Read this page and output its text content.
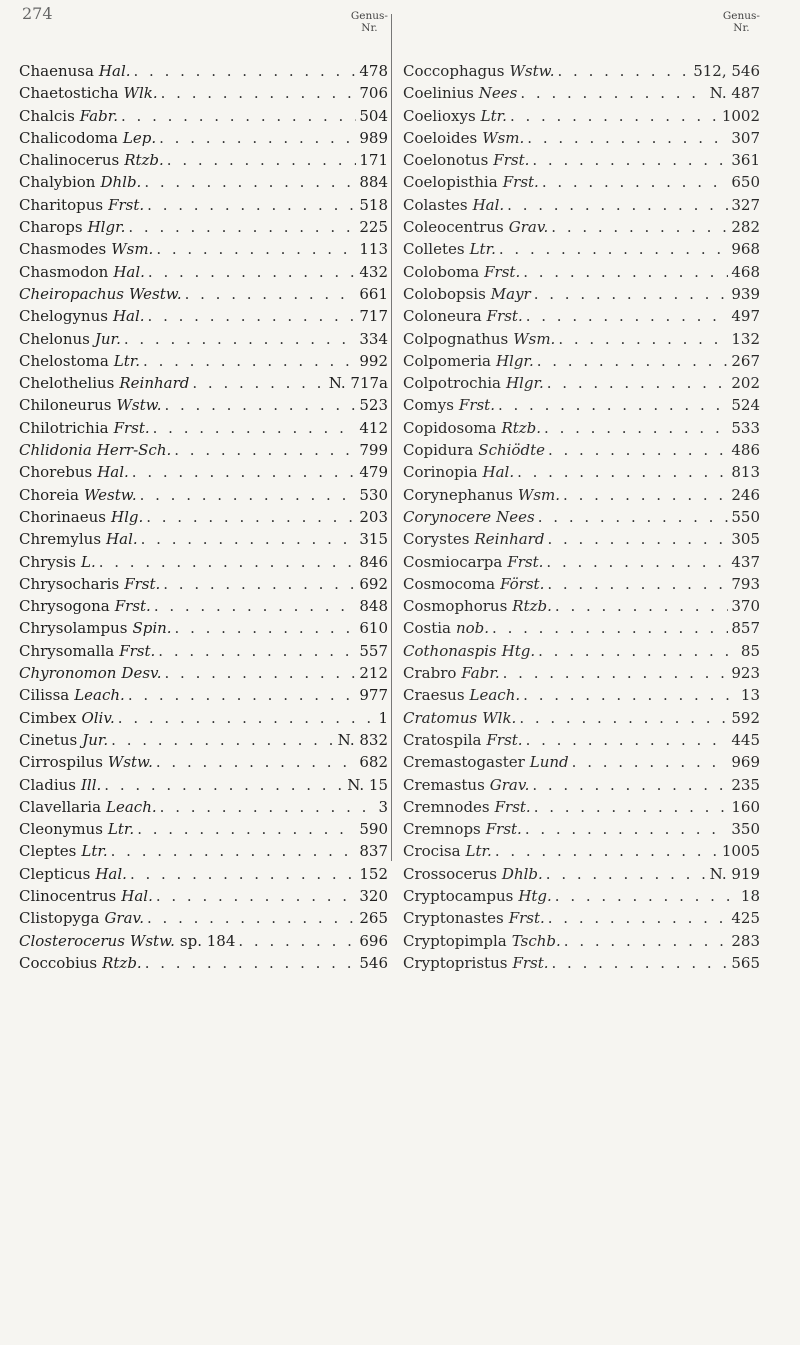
274	Genus-
Nr.
Chaenusa Hal. . . .	478
Chaetosticha Wlk. . . .	706
Chalcis Fabr. . . .	504
Chalicodoma Lep. . . .	989
Chalinocerus Rtzb. . . .	171
Chalybion Dhlb. . . .	884
Charitopus Frst. . . .	518
Charops Hlgr. . . .	225
Chasmodes Wsm. . . .	113
Chasmodon Hal. . . .	432
Cheiropachus Westw. . . .	661
Chelogynus Hal. . . .	717
Chelonus Jur. . . .	334
Chelostoma Ltr. . . .	992
Chelothelius Reinhard . . .	N. 717a
Chiloneurus Wstw. . . .	523
Chilotrichia Frst. . . .	412
Chlidonia Herr-Sch. . . .	799
Chorebus Hal. . . .	479
Choreia Westw. . . .	530
Chorinaeus Hlg. . . .	203
Chremylus Hal. . . .	315
Chrysis L. . . .	846
Chrysocharis Frst. . . .	692
Chrysogona Frst. . . .	848
Chrysolampus Spin. . . .	610
Chrysomalla Frst. . . .	557
Chyronomon Desv. . . .	212
Cilissa Leach. . . .	977
Cimbex Oliv. . . .	1
Cinetus Jur. . . .	N. 832
Cirrospilus Wstw. . . .	682
Cladius Ill. . . .	N. 15
Clavellaria Leach. . . .	3
Cleonymus Ltr. . . .	590
Cleptes Ltr. . . .	837
Clepticus Hal. . . .	152
Clinocentrus Hal. . . .	320
Clistopyga Grav. . . .	265
Closterocerus Wstw. sp. 184 . . .	696
Coccobius Rtzb. . . .	546
Genus-
Nr.
Coccophagus Wstw. . . .	512, 546
Coelinius Nees . . .	N. 487
Coelioxys Ltr. . . .	1002
Coeloides Wsm. . . .	307
Coelonotus Frst. . . .	361
Coelopisthia Frst. . . .	650
Colastes Hal. . . .	327
Coleocentrus Grav. . . .	282
Colletes Ltr. . . .	968
Coloboma Frst. . . .	468
Colobopsis Mayr . . .	939
Coloneura Frst. . . .	497
Colpognathus Wsm. . . .	132
Colpomeria Hlgr. . . .	267
Colpotrochia Hlgr. . . .	202
Comys Frst. . . .	524
Copidosoma Rtzb. . . .	533
Copidura Schiödte . . .	486
Corinopia Hal. . . .	813
Corynephanus Wsm. . . .	246
Corynocere Nees . . .	550
Corystes Reinhard . . .	305
Cosmiocarpa Frst. . . .	437
Cosmocoma Först. . . .	793
Cosmophorus Rtzb. . . .	370
Costia nob. . . .	857
Cothonaspis Htg. . . .	85
Crabro Fabr. . . .	923
Craesus Leach. . . .	13
Cratomus Wlk. . . .	592
Cratospila Frst. . . .	445
Cremastogaster Lund . . .	969
Cremastus Grav. . . .	235
Cremnodes Frst. . . .	160
Cremnops Frst. . . .	350
Crocisa Ltr. . . .	1005
Crossocerus Dhlb. . . .	N. 919
Cryptocampus Htg. . . .	18
Cryptonastes Frst. . . .	425
Cryptopimpla Tschb. . . .	283
Cryptopristus Frst. . . .	565
